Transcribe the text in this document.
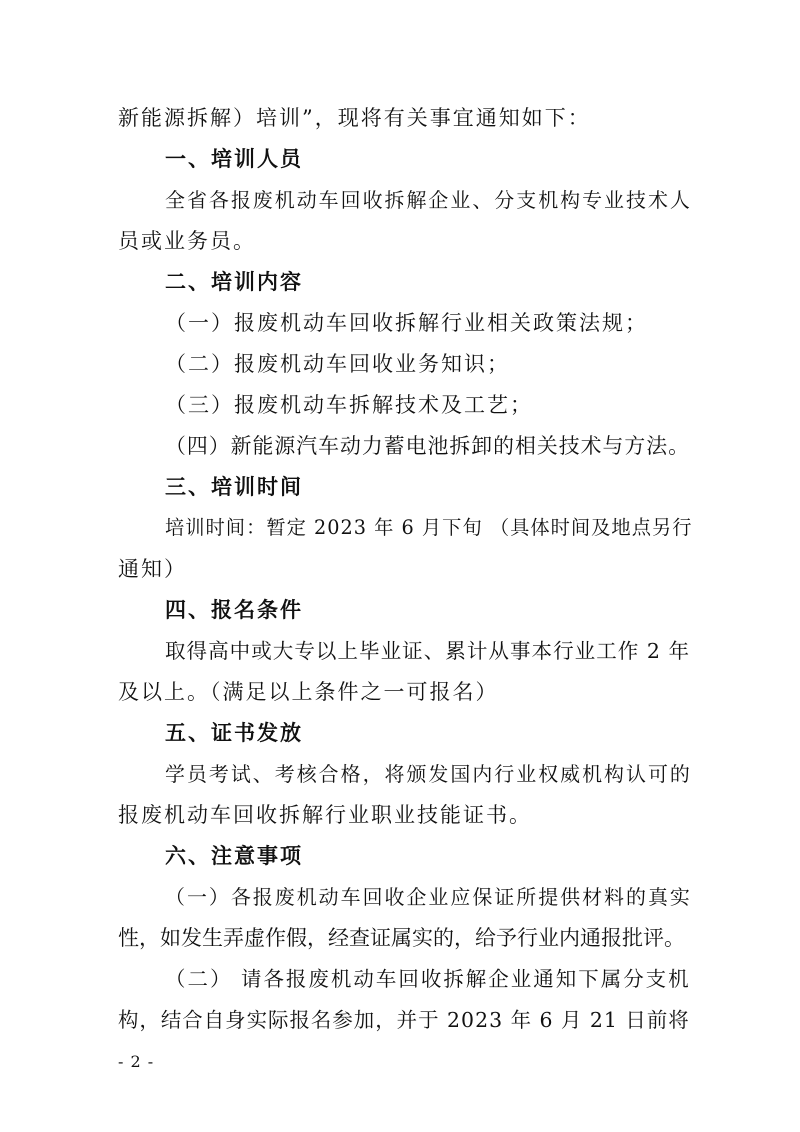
新能源拆解）培训”，现将有关事宜通知如下：
一、培训人员
全省各报废机动车回收拆解企业、分支机构专业技术人
员或业务员。
二、培训内容
（一）报废机动车回收拆解行业相关政策法规；
（二）报废机动车回收业务知识；
（三）报废机动车拆解技术及工艺；
（四）新能源汽车动力蓄电池拆卸的相关技术与方法。
三、培训时间
培训时间：暂定 2023 年 6 月下旬 （具体时间及地点另行
通知）
四、报名条件
取得高中或大专以上毕业证、累计从事本行业工作 2 年
及以上。（满足以上条件之一可报名）
五、证书发放
学员考试、考核合格，将颁发国内行业权威机构认可的
报废机动车回收拆解行业职业技能证书。
六、注意事项
（一）各报废机动车回收企业应保证所提供材料的真实
性，如发生弄虚作假，经查证属实的，给予行业内通报批评。
（二） 请各报废机动车回收拆解企业通知下属分支机
构，结合自身实际报名参加，并于 2023 年 6 月 21 日前将
- 2 -
